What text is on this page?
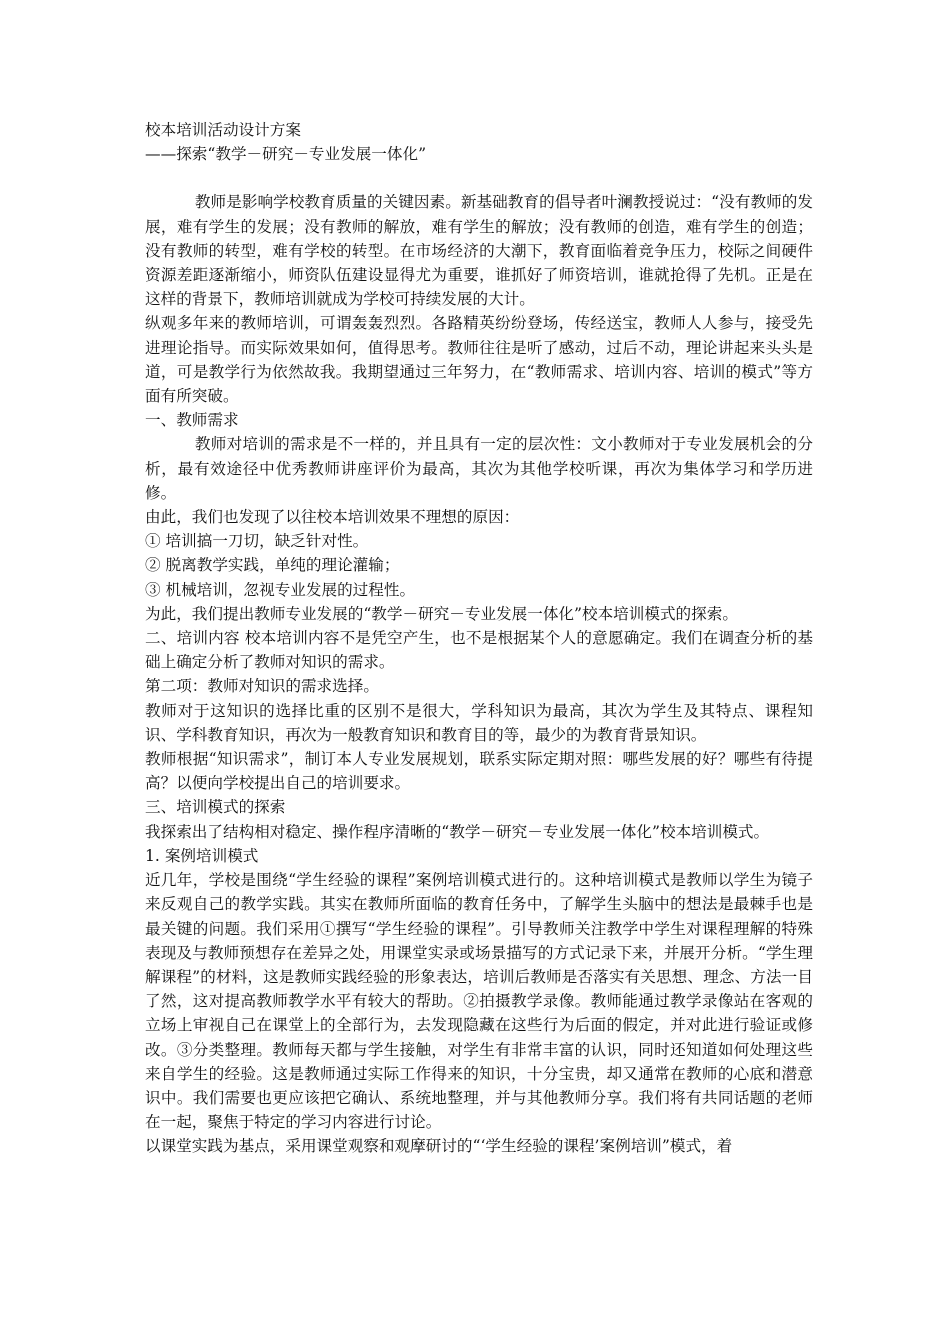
校本培训活动设计方案

——探索“教学－研究－专业发展一体化”

教师是影响学校教育质量的关键因素。新基础教育的倡导者叶澜教授说过：“没有教师的发展，难有学生的发展；没有教师的解放，难有学生的解放；没有教师的创造，难有学生的创造；没有教师的转型，难有学校的转型。在市场经济的大潮下，教育面临着竞争压力，校际之间硬件资源差距逐渐缩小，师资队伍建设显得尤为重要，谁抓好了师资培训，谁就抢得了先机。正是在这样的背景下，教师培训就成为学校可持续发展的大计。

纵观多年来的教师培训，可谓轰轰烈烈。各路精英纷纷登场，传经送宝，教师人人参与，接受先进理论指导。而实际效果如何，值得思考。教师往往是听了感动，过后不动，理论讲起来头头是道，可是教学行为依然故我。我期望通过三年努力，在“教师需求、培训内容、培训的模式”等方面有所突破。

一、教师需求

教师对培训的需求是不一样的，并且具有一定的层次性：文小教师对于专业发展机会的分析，最有效途径中优秀教师讲座评价为最高，其次为其他学校听课，再次为集体学习和学历进修。

由此，我们也发现了以往校本培训效果不理想的原因：

① 培训搞一刀切，缺乏针对性。

② 脱离教学实践，单纯的理论灌输；

③ 机械培训，忽视专业发展的过程性。

为此，我们提出教师专业发展的“教学－研究－专业发展一体化”校本培训模式的探索。

二、培训内容 校本培训内容不是凭空产生，也不是根据某个人的意愿确定。我们在调查分析的基础上确定分析了教师对知识的需求。

第二项：教师对知识的需求选择。

教师对于这知识的选择比重的区别不是很大，学科知识为最高，其次为学生及其特点、课程知识、学科教育知识，再次为一般教育知识和教育目的等，最少的为教育背景知识。

教师根据“知识需求”，制订本人专业发展规划，联系实际定期对照：哪些发展的好？哪些有待提高？以便向学校提出自己的培训要求。

三、培训模式的探索

我探索出了结构相对稳定、操作程序清晰的“教学－研究－专业发展一体化”校本培训模式。

1. 案例培训模式

近几年，学校是围绕“学生经验的课程”案例培训模式进行的。这种培训模式是教师以学生为镜子来反观自己的教学实践。其实在教师所面临的教育任务中，了解学生头脑中的想法是最棘手也是最关键的问题。我们采用①撰写“学生经验的课程”。引导教师关注教学中学生对课程理解的特殊表现及与教师预想存在差异之处，用课堂实录或场景描写的方式记录下来，并展开分析。“学生理解课程”的材料，这是教师实践经验的形象表达，培训后教师是否落实有关思想、理念、方法一目了然，这对提高教师教学水平有较大的帮助。②拍摄教学录像。教师能通过教学录像站在客观的立场上审视自己在课堂上的全部行为，去发现隐藏在这些行为后面的假定，并对此进行验证或修改。③分类整理。教师每天都与学生接触，对学生有非常丰富的认识，同时还知道如何处理这些来自学生的经验。这是教师通过实际工作得来的知识，十分宝贵，却又通常在教师的心底和潜意识中。我们需要也更应该把它确认、系统地整理，并与其他教师分享。我们将有共同话题的老师在一起，聚焦于特定的学习内容进行讨论。

以课堂实践为基点，采用课堂观察和观摩研讨的“‘学生经验的课程’案例培训”模式，着
